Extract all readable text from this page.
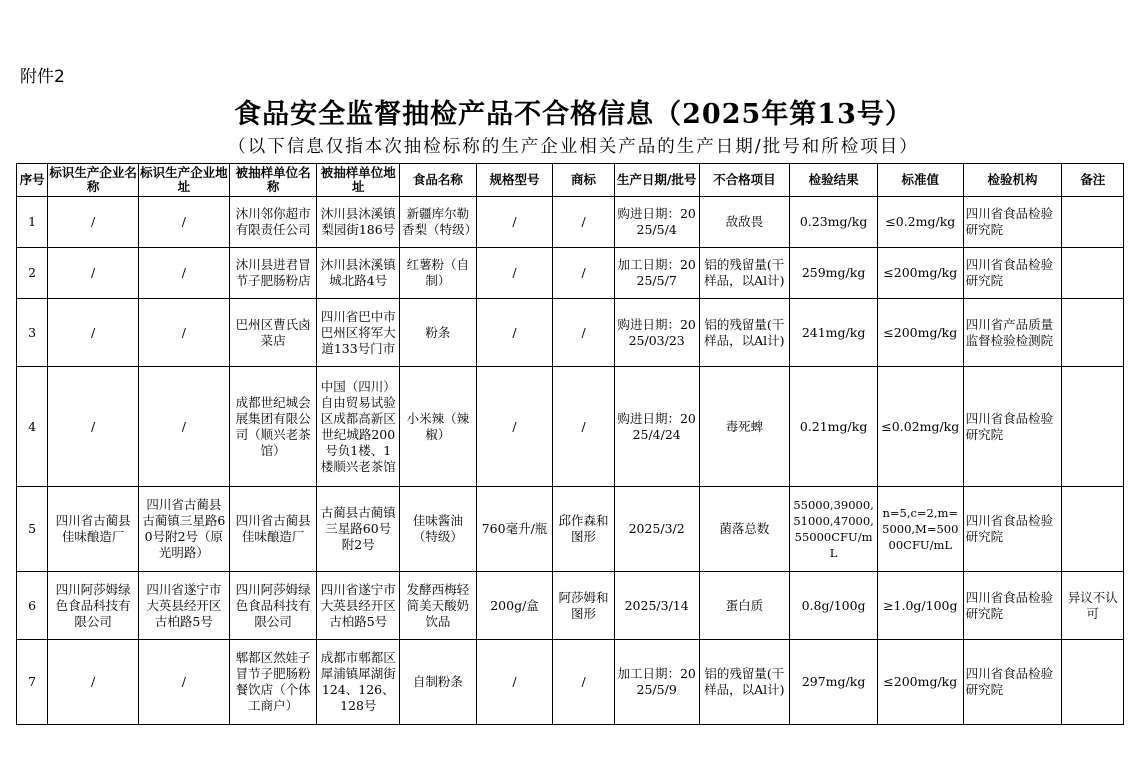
附件2
食品安全监督抽检产品不合格信息（2025年第13号）
（以下信息仅指本次抽检标称的生产企业相关产品的生产日期/批号和所检项目）
序号	标识生产企业名称	标识生产企业地址	被抽样单位名称	被抽样单位地址	食品名称	规格型号	商标	生产日期/批号	不合格项目	检验结果	标准值	检验机构	备注
1	/	/	沐川邻你超市有限责任公司	沐川县沐溪镇梨园街186号	新疆库尔勒香梨（特级）	/	/	购进日期：2025/5/4	敌敌畏	0.23mg/kg	≤0.2mg/kg	四川省食品检验研究院	
2	/	/	沐川县进君冒节子肥肠粉店	沐川县沐溪镇城北路4号	红薯粉（自制）	/	/	加工日期：2025/5/7	铝的残留量(干样品，以Al计)	259mg/kg	≤200mg/kg	四川省食品检验研究院	
3	/	/	巴州区曹氏卤菜店	四川省巴中市巴州区将军大道133号门市	粉条	/	/	购进日期：2025/03/23	铝的残留量(干样品，以Al计)	241mg/kg	≤200mg/kg	四川省产品质量监督检验检测院	
4	/	/	成都世纪城会展集团有限公司（顺兴老茶馆）	中国（四川）自由贸易试验区成都高新区世纪城路200号负1楼、1楼顺兴老茶馆	小米辣（辣椒）	/	/	购进日期：2025/4/24	毒死蜱	0.21mg/kg	≤0.02mg/kg	四川省食品检验研究院	
5	四川省古蔺县佳味酿造厂	四川省古蔺县古蔺镇三星路60号附2号（原光明路）	四川省古蔺县佳味酿造厂	古蔺县古蔺镇三星路60号附2号	佳味酱油（特级）	760毫升/瓶	邱作森和图形	2025/3/2	菌落总数	55000,39000,51000,47000,55000CFU/mL	n=5,c=2,m=5000,M=50000CFU/mL	四川省食品检验研究院	
6	四川阿莎姆绿色食品科技有限公司	四川省遂宁市大英县经开区古柏路5号	四川阿莎姆绿色食品科技有限公司	四川省遂宁市大英县经开区古柏路5号	发酵西梅轻简美天酸奶饮品	200g/盒	阿莎姆和图形	2025/3/14	蛋白质	0.8g/100g	≥1.0g/100g	四川省食品检验研究院	异议不认可
7	/	/	郫都区然娃子冒节子肥肠粉餐饮店（个体工商户）	成都市郫都区犀浦镇犀湖街124、126、128号	自制粉条	/	/	加工日期：2025/5/9	铝的残留量(干样品，以Al计)	297mg/kg	≤200mg/kg	四川省食品检验研究院	
